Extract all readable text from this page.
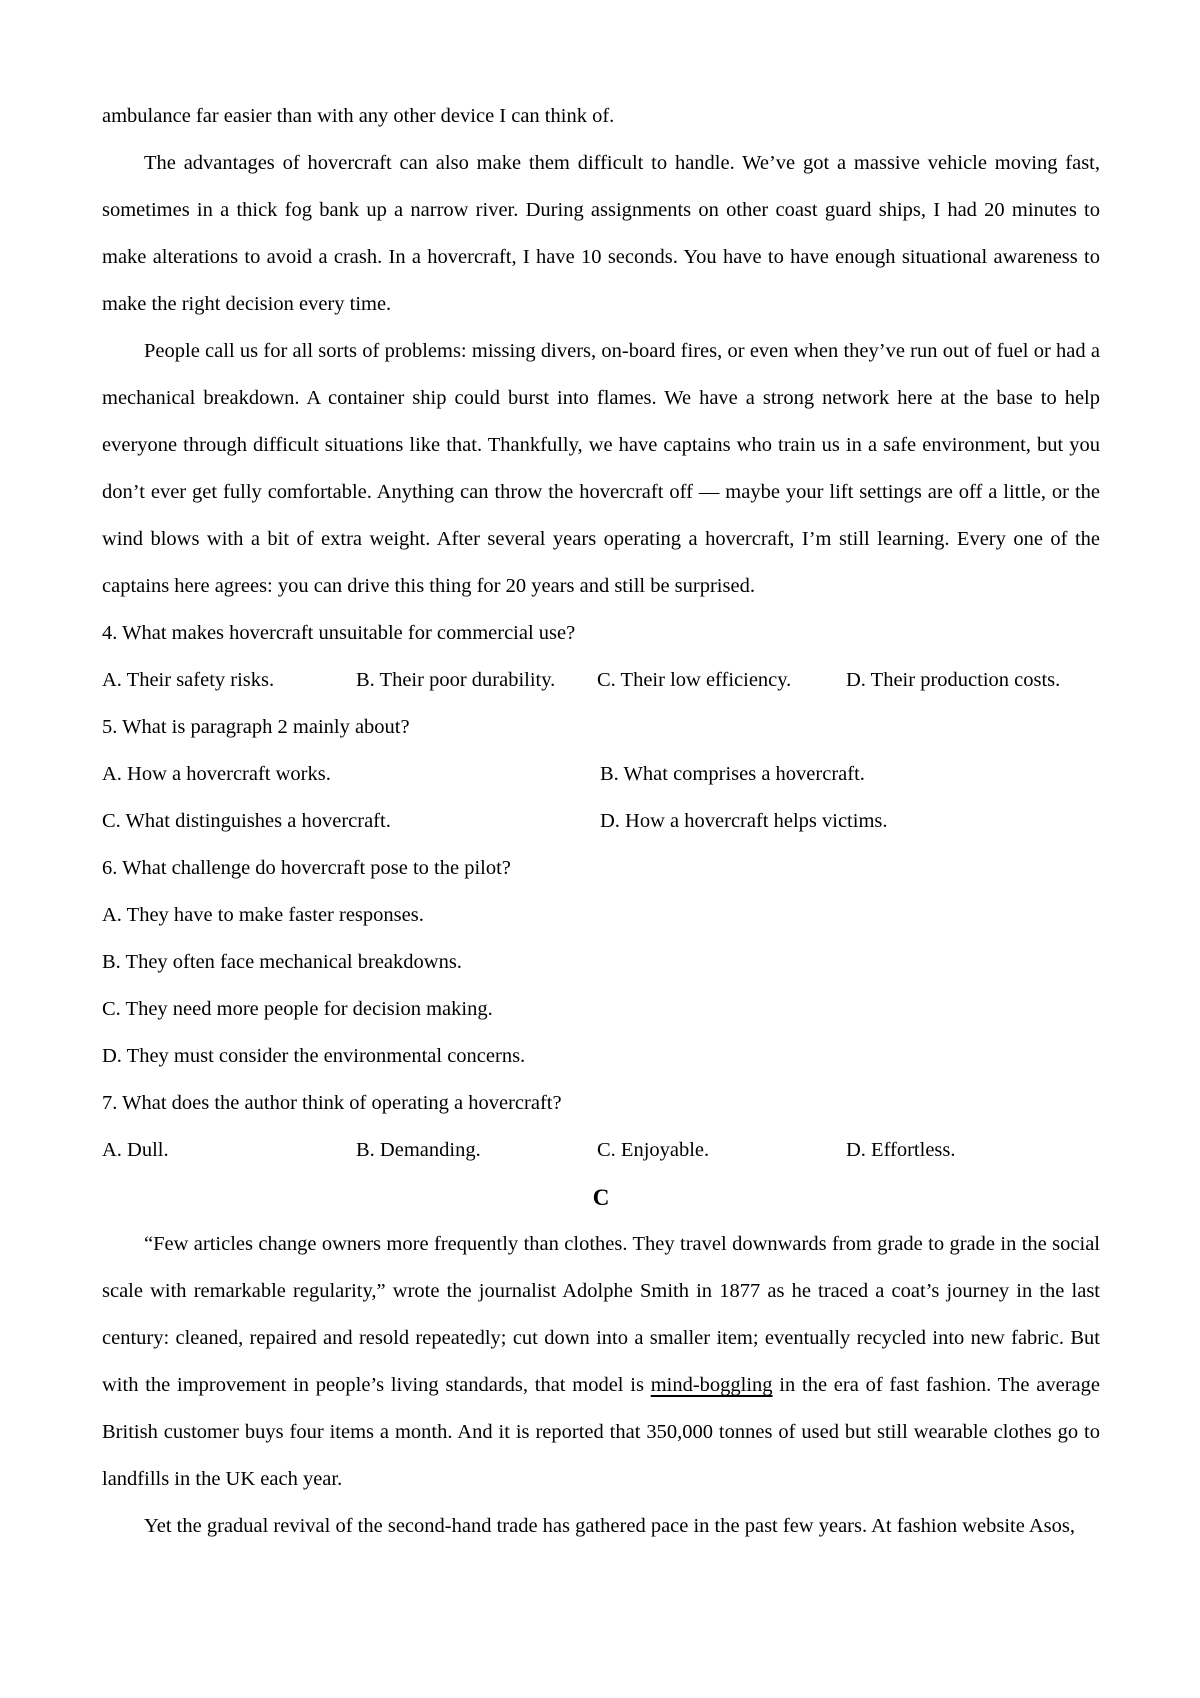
ambulance far easier than with any other device I can think of.

The advantages of hovercraft can also make them difficult to handle. We’ve got a massive vehicle moving fast, sometimes in a thick fog bank up a narrow river. During assignments on other coast guard ships, I had 20 minutes to make alterations to avoid a crash. In a hovercraft, I have 10 seconds. You have to have enough situational awareness to make the right decision every time.

People call us for all sorts of problems: missing divers, on-board fires, or even when they’ve run out of fuel or had a mechanical breakdown. A container ship could burst into flames. We have a strong network here at the base to help everyone through difficult situations like that. Thankfully, we have captains who train us in a safe environment, but you don’t ever get fully comfortable. Anything can throw the hovercraft off — maybe your lift settings are off a little, or the wind blows with a bit of extra weight. After several years operating a hovercraft, I’m still learning. Every one of the captains here agrees: you can drive this thing for 20 years and still be surprised.

4. What makes hovercraft unsuitable for commercial use?

A. Their safety risks.	B. Their poor durability.	C. Their low efficiency.	D. Their production costs.

5. What is paragraph 2 mainly about?

A. How a hovercraft works.	B. What comprises a hovercraft.
C. What distinguishes a hovercraft.	D. How a hovercraft helps victims.

6. What challenge do hovercraft pose to the pilot?

A. They have to make faster responses.

B. They often face mechanical breakdowns.

C. They need more people for decision making.

D. They must consider the environmental concerns.

7. What does the author think of operating a hovercraft?

A. Dull.	B. Demanding.	C. Enjoyable.	D. Effortless.

C

“Few articles change owners more frequently than clothes. They travel downwards from grade to grade in the social scale with remarkable regularity,” wrote the journalist Adolphe Smith in 1877 as he traced a coat’s journey in the last century: cleaned, repaired and resold repeatedly; cut down into a smaller item; eventually recycled into new fabric. But with the improvement in people’s living standards, that model is mind-boggling in the era of fast fashion. The average British customer buys four items a month. And it is reported that 350,000 tonnes of used but still wearable clothes go to landfills in the UK each year.

Yet the gradual revival of the second-hand trade has gathered pace in the past few years. At fashion website Asos,
